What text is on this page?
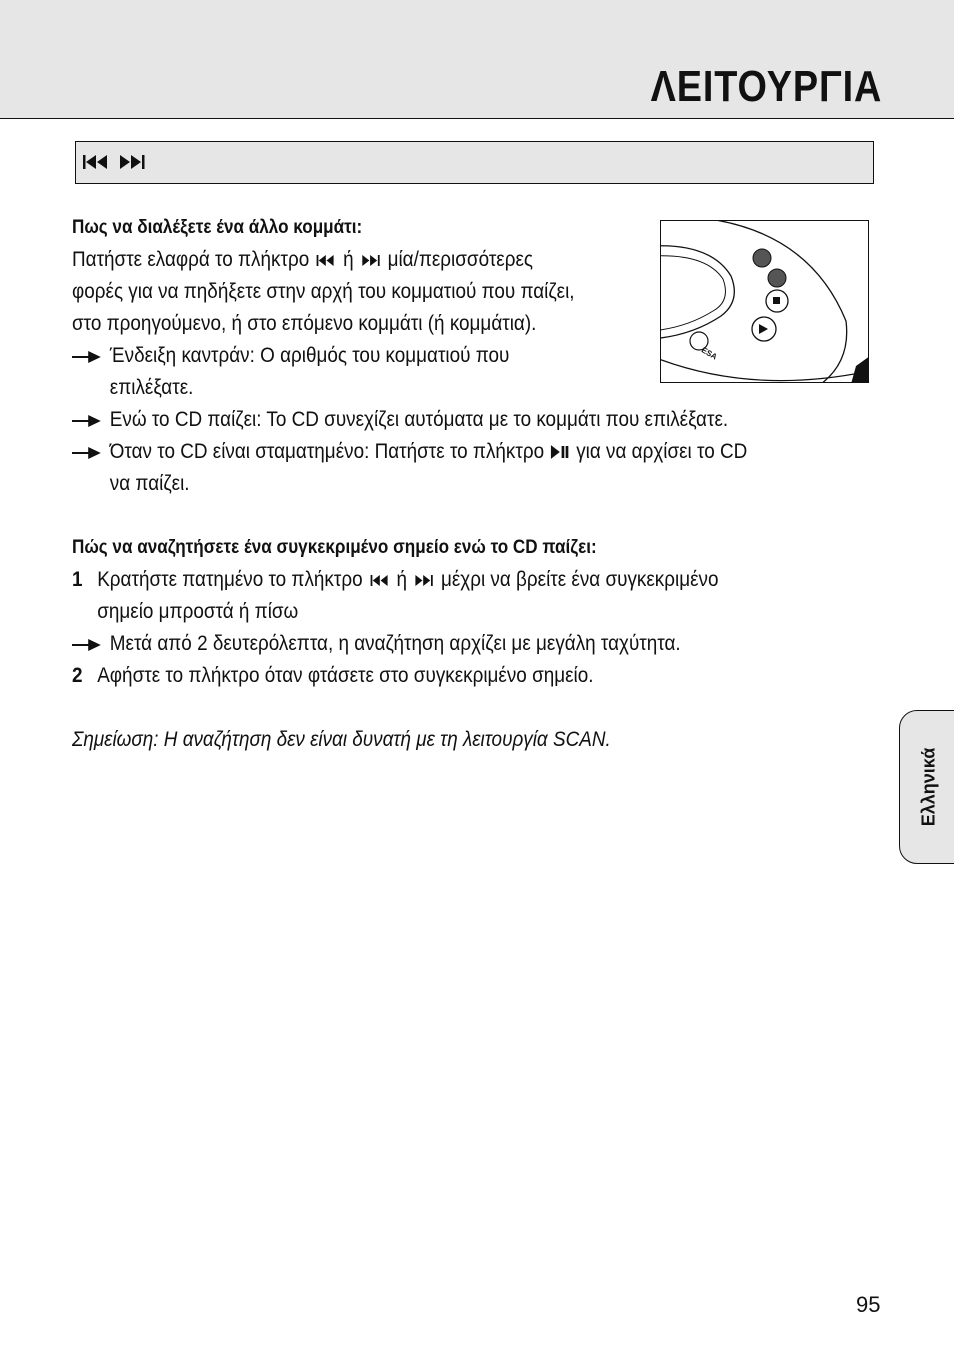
ΛΕΙΤΟΥΡΓΙΑ
ESA

Πως να διαλέξετε ένα άλλο κομμάτι:

Πατήστε ελαφρά το πλήκτρο ή μία/περισσότερες

φορές για να πηδήξετε στην αρχή του κομματιού που παίζει,

στο προηγούμενο, ή στο επόμενο κομμάτι (ή κομμάτια).

Ένδειξη καντράν: Ο αριθμός του κομματιού που

επιλέξατε.

Ενώ το CD παίζει: Το CD συνεχίζει αυτόματα με το κομμάτι που επιλέξατε.

Όταν το CD είναι σταματημένο: Πατήστε το πλήκτρο για να αρχίσει το CD

να παίζει.

Πώς να αναζητήσετε ένα συγκεκριμένο σημείο ενώ το CD παίζει:

1 Κρατήστε πατημένο το πλήκτρο ή μέχρι να βρείτε ένα συγκεκριμένο

σημείο μπροστά ή πίσω

Μετά από 2 δευτερόλεπτα, η αναζήτηση αρχίζει με μεγάλη ταχύτητα.

2 Αφήστε το πλήκτρο όταν φτάσετε στο συγκεκριμένο σημείο.

Σημείωση: Η αναζήτηση δεν είναι δυνατή με τη λειτουργία SCAN.

Ελληνικά
95
